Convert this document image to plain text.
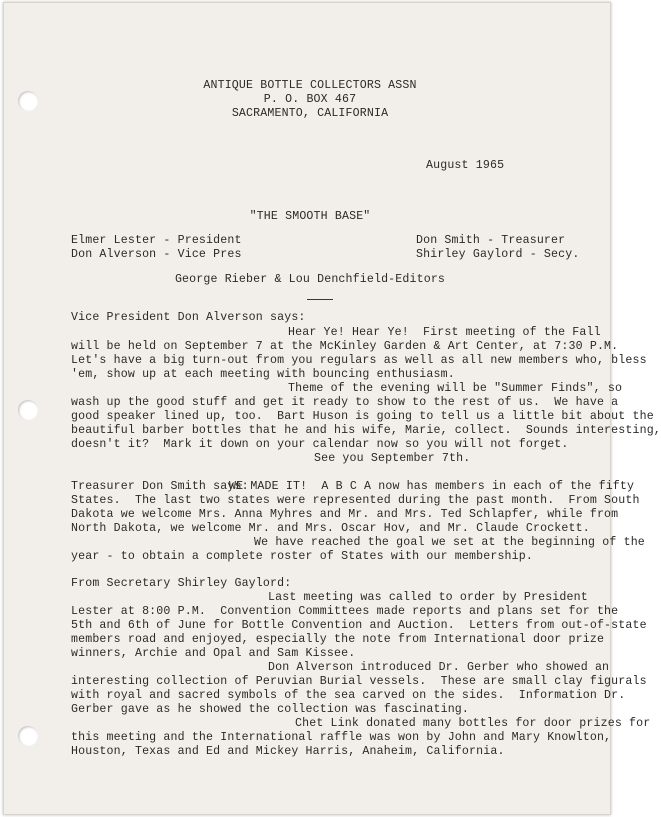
ANTIQUE BOTTLE COLLECTORS ASSN
P. O. BOX 467
SACRAMENTO, CALIFORNIA
August 1965
"THE SMOOTH BASE"
Elmer Lester - President
Don Alverson - Vice Pres
Don Smith - Treasurer
Shirley Gaylord - Secy.
George Rieber & Lou Denchfield-Editors
Vice President Don Alverson says:
Hear Ye! Hear Ye!  First meeting of the Fall
will be held on September 7 at the McKinley Garden & Art Center, at 7:30 P.M.
Let's have a big turn-out from you regulars as well as all new members who, bless
'em, show up at each meeting with bouncing enthusiasm.
Theme of the evening will be "Summer Finds", so
wash up the good stuff and get it ready to show to the rest of us.  We have a
good speaker lined up, too.  Bart Huson is going to tell us a little bit about the
beautiful barber bottles that he and his wife, Marie, collect.  Sounds interesting,
doesn't it?  Mark it down on your calendar now so you will not forget.
See you September 7th.
Treasurer Don Smith says:
WE MADE IT!  A B C A now has members in each of the fifty
States.  The last two states were represented during the past month.  From South
Dakota we welcome Mrs. Anna Myhres and Mr. and Mrs. Ted Schlapfer, while from
North Dakota, we welcome Mr. and Mrs. Oscar Hov, and Mr. Claude Crockett.
We have reached the goal we set at the beginning of the
year - to obtain a complete roster of States with our membership.
From Secretary Shirley Gaylord:
Last meeting was called to order by President
Lester at 8:00 P.M.  Convention Committees made reports and plans set for the
5th and 6th of June for Bottle Convention and Auction.  Letters from out-of-state
members road and enjoyed, especially the note from International door prize
winners, Archie and Opal and Sam Kissee.
Don Alverson introduced Dr. Gerber who showed an
interesting collection of Peruvian Burial vessels.  These are small clay figurals
with royal and sacred symbols of the sea carved on the sides.  Information Dr.
Gerber gave as he showed the collection was fascinating.
Chet Link donated many bottles for door prizes for
this meeting and the International raffle was won by John and Mary Knowlton,
Houston, Texas and Ed and Mickey Harris, Anaheim, California.
